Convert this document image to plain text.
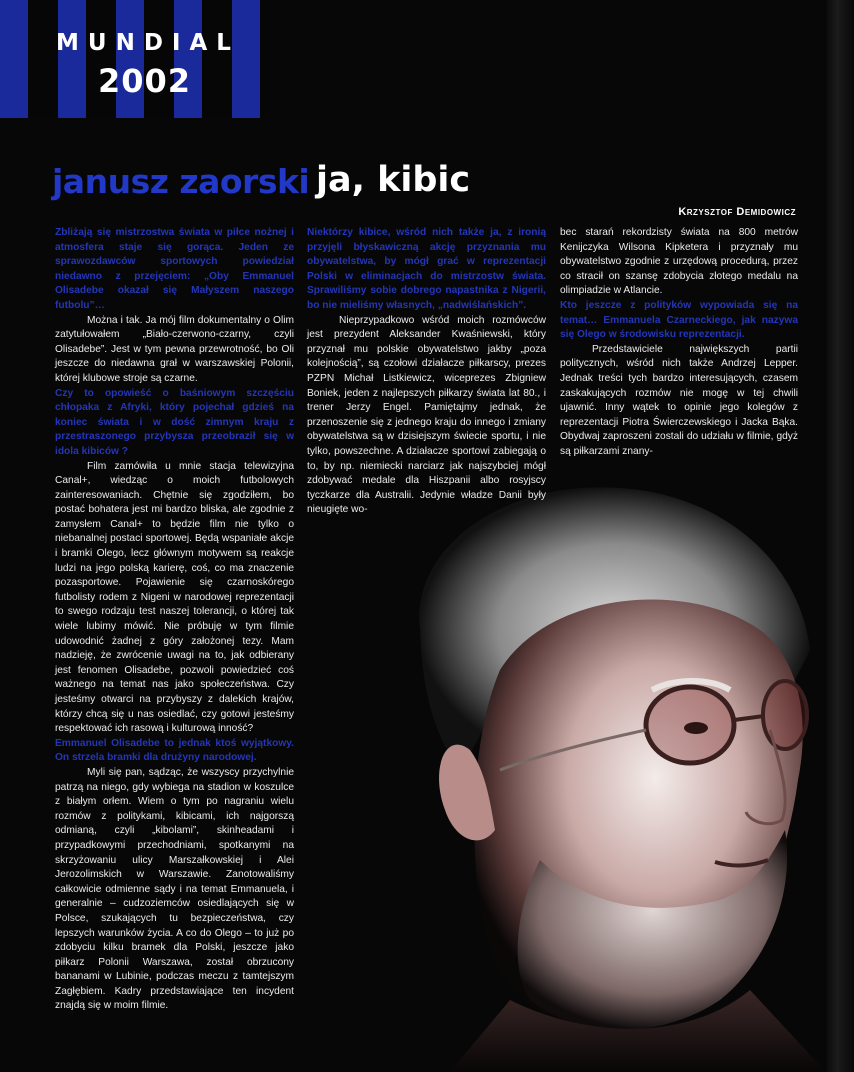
MUNDIAL
2002
janusz zaorski ja, kibic
Krzysztof Demidowicz

Zbliżają się mistrzostwa świata w piłce nożnej i atmosfera staje się gorąca. Jeden ze sprawozdawców sportowych powiedział niedawno z przejęciem: „Oby Emmanuel Olisadebe okazał się Małyszem naszego futbolu”…

Można i tak. Ja mój film dokumentalny o Olim zatytułowałem „Biało-czerwono-czarny, czyli Olisadebe”. Jest w tym pewna przewrotność, bo Oli jeszcze do niedawna grał w warszawskiej Polonii, której klubowe stroje są czarne.

Czy to opowieść o baśniowym szczęściu chłopaka z Afryki, który pojechał gdzieś na koniec świata i w dość zimnym kraju z przestraszonego przybysza przeobraził się w idola kibiców ?

Film zamówiła u mnie stacja telewizyjna Canal+, wiedząc o moich futbolowych zainteresowaniach. Chętnie się zgodziłem, bo postać bohatera jest mi bardzo bliska, ale zgodnie z zamysłem Canal+ to będzie film nie tylko o niebanalnej postaci sportowej. Będą wspaniałe akcje i bramki Olego, lecz głównym motywem są reakcje ludzi na jego polską karierę, coś, co ma znaczenie pozasportowe. Pojawienie się czarnoskórego futbolisty rodem z Nigeni w narodowej reprezentacji to swego rodzaju test naszej tolerancji, o której tak wiele lubimy mówić. Nie próbuję w tym filmie udowodnić żadnej z góry założonej tezy. Mam nadzieję, że zwrócenie uwagi na to, jak odbierany jest fenomen Olisadebe, pozwoli powiedzieć coś ważnego na temat nas jako społeczeństwa. Czy jesteśmy otwarci na przybyszy z dalekich krajów, którzy chcą się u nas osiedlać, czy gotowi jesteśmy respektować ich rasową i kulturową inność?

Emmanuel Olisadebe to jednak ktoś wyjątkowy. On strzela bramki dla drużyny narodowej.

Myli się pan, sądząc, że wszyscy przychylnie patrzą na niego, gdy wybiega na stadion w koszulce z białym orłem. Wiem o tym po nagraniu wielu rozmów z politykami, kibicami, ich najgorszą odmianą, czyli „kibolami”, skinheadami i przypadkowymi przechodniami, spotkanymi na skrzyżowaniu ulicy Marszałkowskiej i Alei Jerozolimskich w Warszawie. Zanotowaliśmy całkowicie odmienne sądy i na temat Emmanuela, i generalnie – cudzoziemców osiedlających się w Polsce, szukających tu bezpieczeństwa, czy lepszych warunków życia. A co do Olego – to już po zdobyciu kilku bramek dla Polski, jeszcze jako piłkarz Polonii Warszawa, został obrzucony bananami w Lubinie, podczas meczu z tamtejszym Zagłębiem. Kadry przedstawiające ten incydent znajdą się w moim filmie.

Niektórzy kibice, wśród nich także ja, z ironią przyjęli błyskawiczną akcję przyznania mu obywatelstwa, by mógł grać w reprezentacji Polski w eliminacjach do mistrzostw świata. Sprawiliśmy sobie dobrego napastnika z Nigerii, bo nie mieliśmy własnych, „nadwiślańskich”.

Nieprzypadkowo wśród moich rozmówców jest prezydent Aleksander Kwaśniewski, który przyznał mu polskie obywatelstwo jakby „poza kolejnością”, są czołowi działacze piłkarscy, prezes PZPN Michał Listkiewicz, wiceprezes Zbigniew Boniek, jeden z najlepszych piłkarzy świata lat 80., i trener Jerzy Engel. Pamiętajmy jednak, że przenoszenie się z jednego kraju do innego i zmiany obywatelstwa są w dzisiejszym świecie sportu, i nie tylko, powszechne. A działacze sportowi zabiegają o to, by np. niemiecki narciarz jak najszybciej mógł zdobywać medale dla Hiszpanii albo rosyjscy tyczkarze dla Australii. Jedynie władze Danii były nieugięte wo-

bec starań rekordzisty świata na 800 metrów Kenijczyka Wilsona Kipketera i przyznały mu obywatelstwo zgodnie z urzędową procedurą, przez co stracił on szansę zdobycia złotego medalu na olimpiadzie w Atlancie.

Kto jeszcze z polityków wypowiada się na temat… Emmanuela Czarneckiego, jak nazywa się Olego w środowisku reprezentacji.

Przedstawiciele największych partii politycznych, wśród nich także Andrzej Lepper. Jednak treści tych bardzo interesujących, czasem zaskakujących rozmów nie mogę w tej chwili ujawnić. Inny wątek to opinie jego kolegów z reprezentacji Piotra Świerczewskiego i Jacka Bąka. Obydwaj zaproszeni zostali do udziału w filmie, gdyż są piłkarzami znany-
